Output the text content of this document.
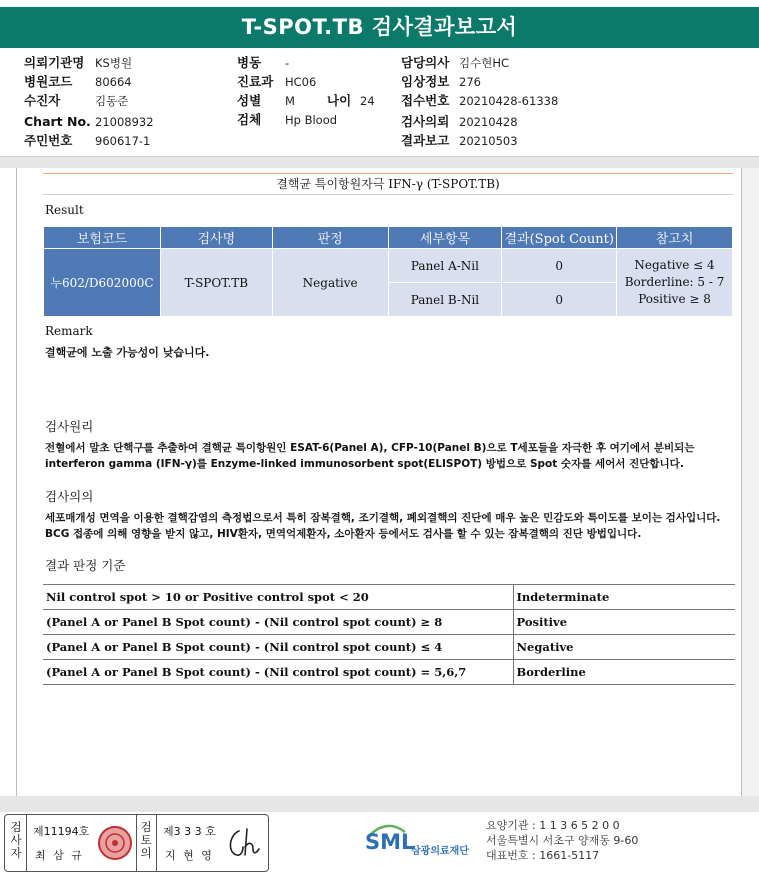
T-SPOT.TB 검사결과보고서
의뢰기관명 KS병원	병동 -	담당의사 김수현HC
병원코드 80664	진료과 HC06	임상정보 276
수진자	김동준	성별 M	나이 24 접수번호 20210428-61338
Chart No. 21008932	검체 Hp Blood	검사의뢰 20210428
주민번호 960617-1	결과보고 20210503
결핵균 특이항원자극 IFN-γ (T-SPOT.TB)
Result
보험코드	검사명	판정	세부항목	결과(Spot Count)	참고치
누602/D602000C	T-SPOT.TB	Negative	Panel A-Nil	0	Negative ≤ 4
Borderline: 5 - 7
Positive ≥ 8

			Panel B-Nil	0	
Remark
결핵균에 노출 가능성이 낮습니다.
검사원리
전혈에서 말초 단핵구를 추출하여 결핵균 특이항원인 ESAT-6(Panel A), CFP-10(Panel B)으로 T세포들을 자극한 후 여기에서 분비되는 interferon gamma (IFN-γ)를 Enzyme-linked immunosorbent spot(ELISPOT) 방법으로 Spot 숫자를 세어서 진단합니다.
검사의의
세포매개성 면역을 이용한 결핵감염의 측정법으로서 특히 잠복결핵, 조기결핵, 폐외결핵의 진단에 매우 높은 민감도와 특이도를 보이는 검사입니다. BCG 접종에 의해 영향을 받지 않고, HIV환자, 면역억제환자, 소아환자 등에서도 검사를 할 수 있는 잠복결핵의 진단 방법입니다.
결과 판정 기준
Nil control spot > 10 or Positive control spot < 20	Indeterminate
(Panel A or Panel B Spot count) - (Nil control spot count) ≥ 8	Positive
(Panel A or Panel B Spot count) - (Nil control spot count) ≤ 4	Negative
(Panel A or Panel B Spot count) - (Nil control spot count) = 5,6,7	Borderline
검사자
제11194호
최 삼 규
검토의
제3 3 3 호
지 현 영
SML
삼광의료재단
요양기관 : 1 1 3 6 5 2 0 0
서울특별시 서초구 양재동 9-60
대표번호 : 1661-5117
